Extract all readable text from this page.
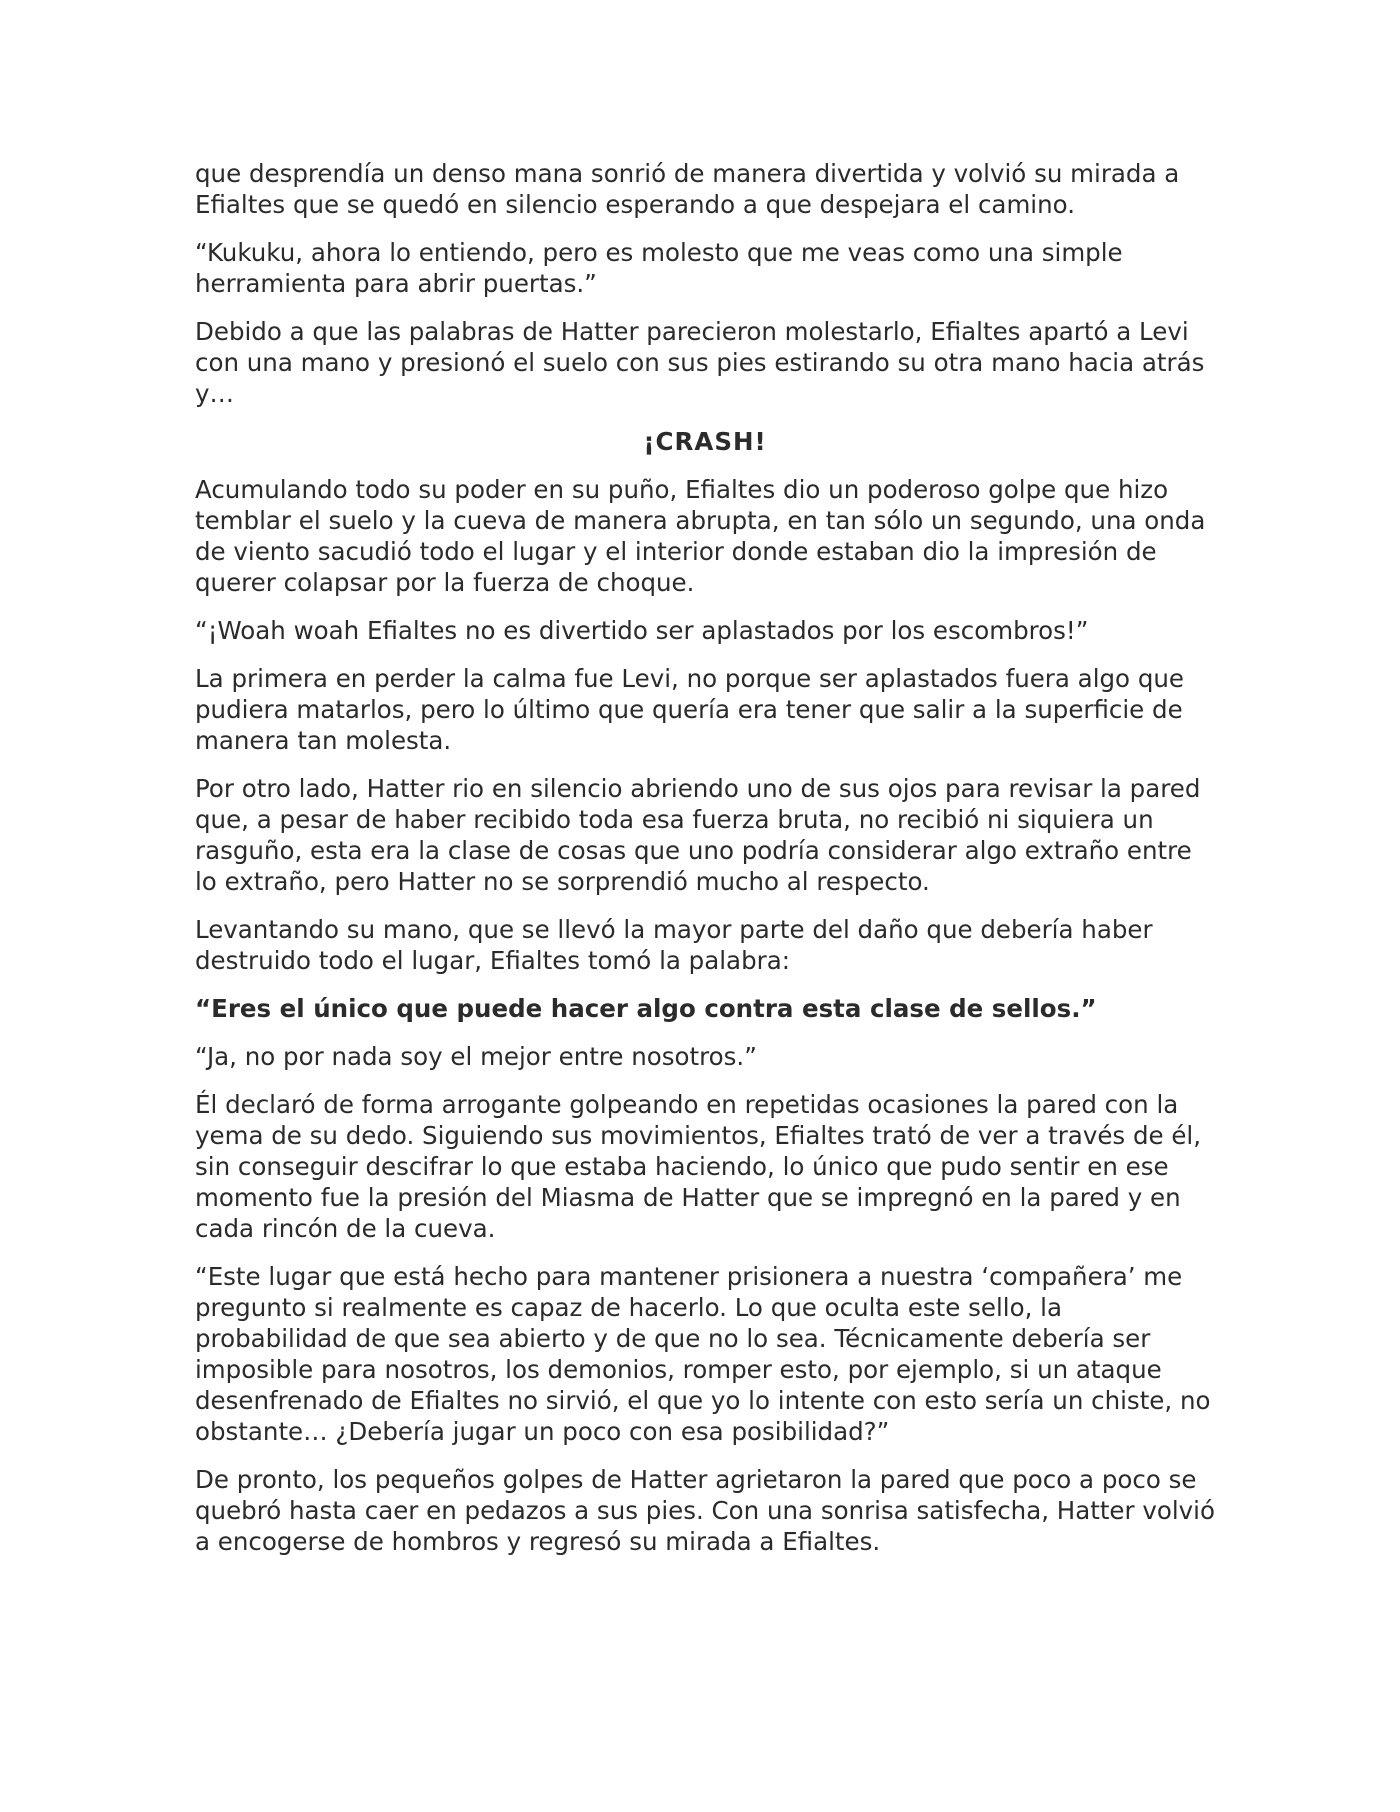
que desprendía un denso mana sonrió de manera divertida y volvió su mirada a Efialtes que se quedó en silencio esperando a que despejara el camino.

“Kukuku, ahora lo entiendo, pero es molesto que me veas como una simple herramienta para abrir puertas.”

Debido a que las palabras de Hatter parecieron molestarlo, Efialtes apartó a Levi con una mano y presionó el suelo con sus pies estirando su otra mano hacia atrás y…

¡CRASH!

Acumulando todo su poder en su puño, Efialtes dio un poderoso golpe que hizo temblar el suelo y la cueva de manera abrupta, en tan sólo un segundo, una onda de viento sacudió todo el lugar y el interior donde estaban dio la impresión de querer colapsar por la fuerza de choque.

“¡Woah woah Efialtes no es divertido ser aplastados por los escombros!”

La primera en perder la calma fue Levi, no porque ser aplastados fuera algo que pudiera matarlos, pero lo último que quería era tener que salir a la superficie de manera tan molesta.

Por otro lado, Hatter rio en silencio abriendo uno de sus ojos para revisar la pared que, a pesar de haber recibido toda esa fuerza bruta, no recibió ni siquiera un rasguño, esta era la clase de cosas que uno podría considerar algo extraño entre lo extraño, pero Hatter no se sorprendió mucho al respecto.

Levantando su mano, que se llevó la mayor parte del daño que debería haber destruido todo el lugar, Efialtes tomó la palabra:

“Eres el único que puede hacer algo contra esta clase de sellos.”

“Ja, no por nada soy el mejor entre nosotros.”

Él declaró de forma arrogante golpeando en repetidas ocasiones la pared con la yema de su dedo. Siguiendo sus movimientos, Efialtes trató de ver a través de él, sin conseguir descifrar lo que estaba haciendo, lo único que pudo sentir en ese momento fue la presión del Miasma de Hatter que se impregnó en la pared y en cada rincón de la cueva.

“Este lugar que está hecho para mantener prisionera a nuestra ‘compañera’ me pregunto si realmente es capaz de hacerlo. Lo que oculta este sello, la probabilidad de que sea abierto y de que no lo sea. Técnicamente debería ser imposible para nosotros, los demonios, romper esto, por ejemplo, si un ataque desenfrenado de Efialtes no sirvió, el que yo lo intente con esto sería un chiste, no obstante… ¿Debería jugar un poco con esa posibilidad?”

De pronto, los pequeños golpes de Hatter agrietaron la pared que poco a poco se quebró hasta caer en pedazos a sus pies. Con una sonrisa satisfecha, Hatter volvió a encogerse de hombros y regresó su mirada a Efialtes.
